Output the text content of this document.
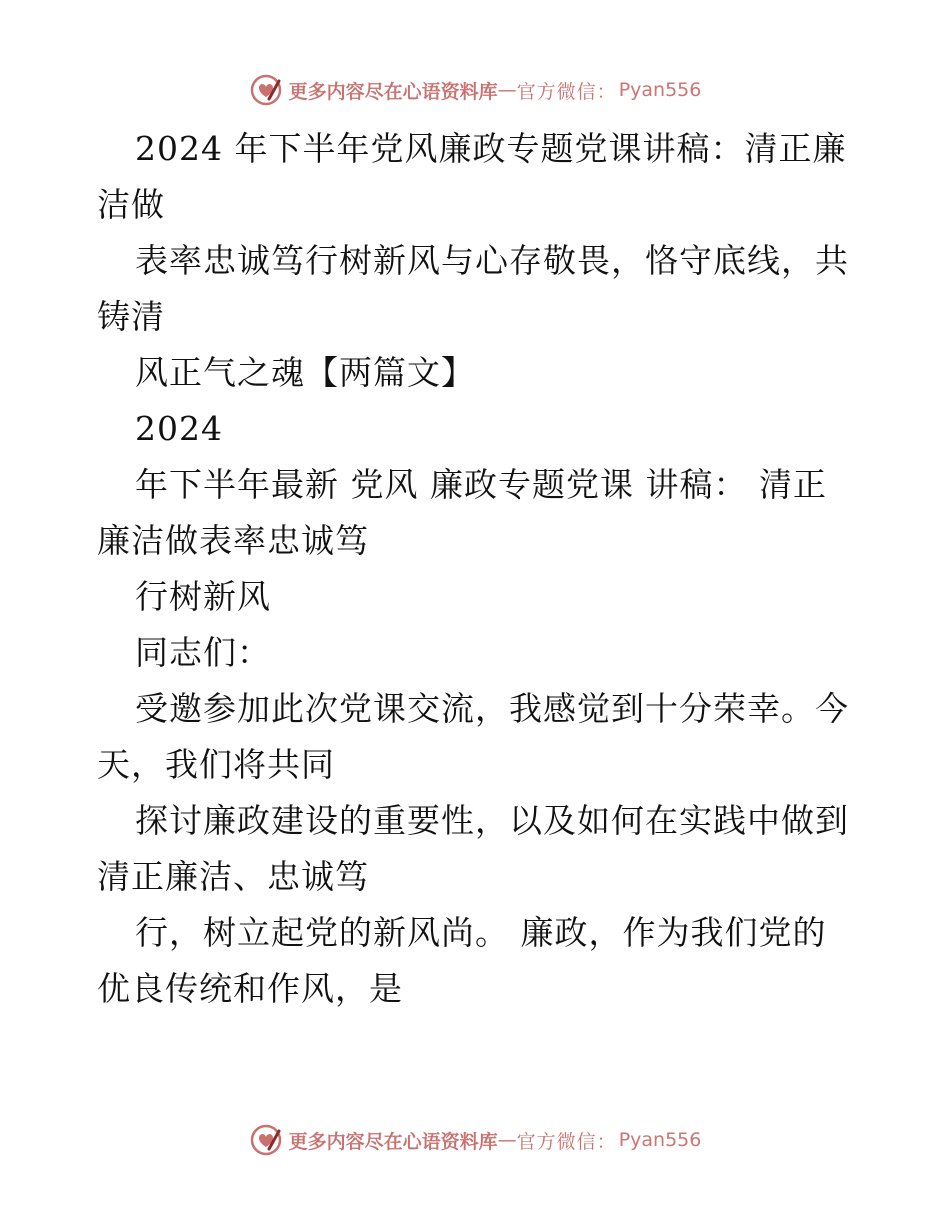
更多内容尽在心语资料库 — 官方微信： Pyan556

2024 年下半年党风廉政专题党课讲稿：清正廉洁做

表率忠诚笃行树新风与心存敬畏，恪守底线，共铸清

风正气之魂【两篇文】

2024

年下半年最新 党风 廉政专题党课 讲稿： 清正廉洁做表率忠诚笃

行树新风

同志们：

受邀参加此次党课交流，我感觉到十分荣幸。今天，我们将共同

探讨廉政建设的重要性，以及如何在实践中做到清正廉洁、忠诚笃

行，树立起党的新风尚。 廉政，作为我们党的优良传统和作风，是

更多内容尽在心语资料库 — 官方微信： Pyan556
